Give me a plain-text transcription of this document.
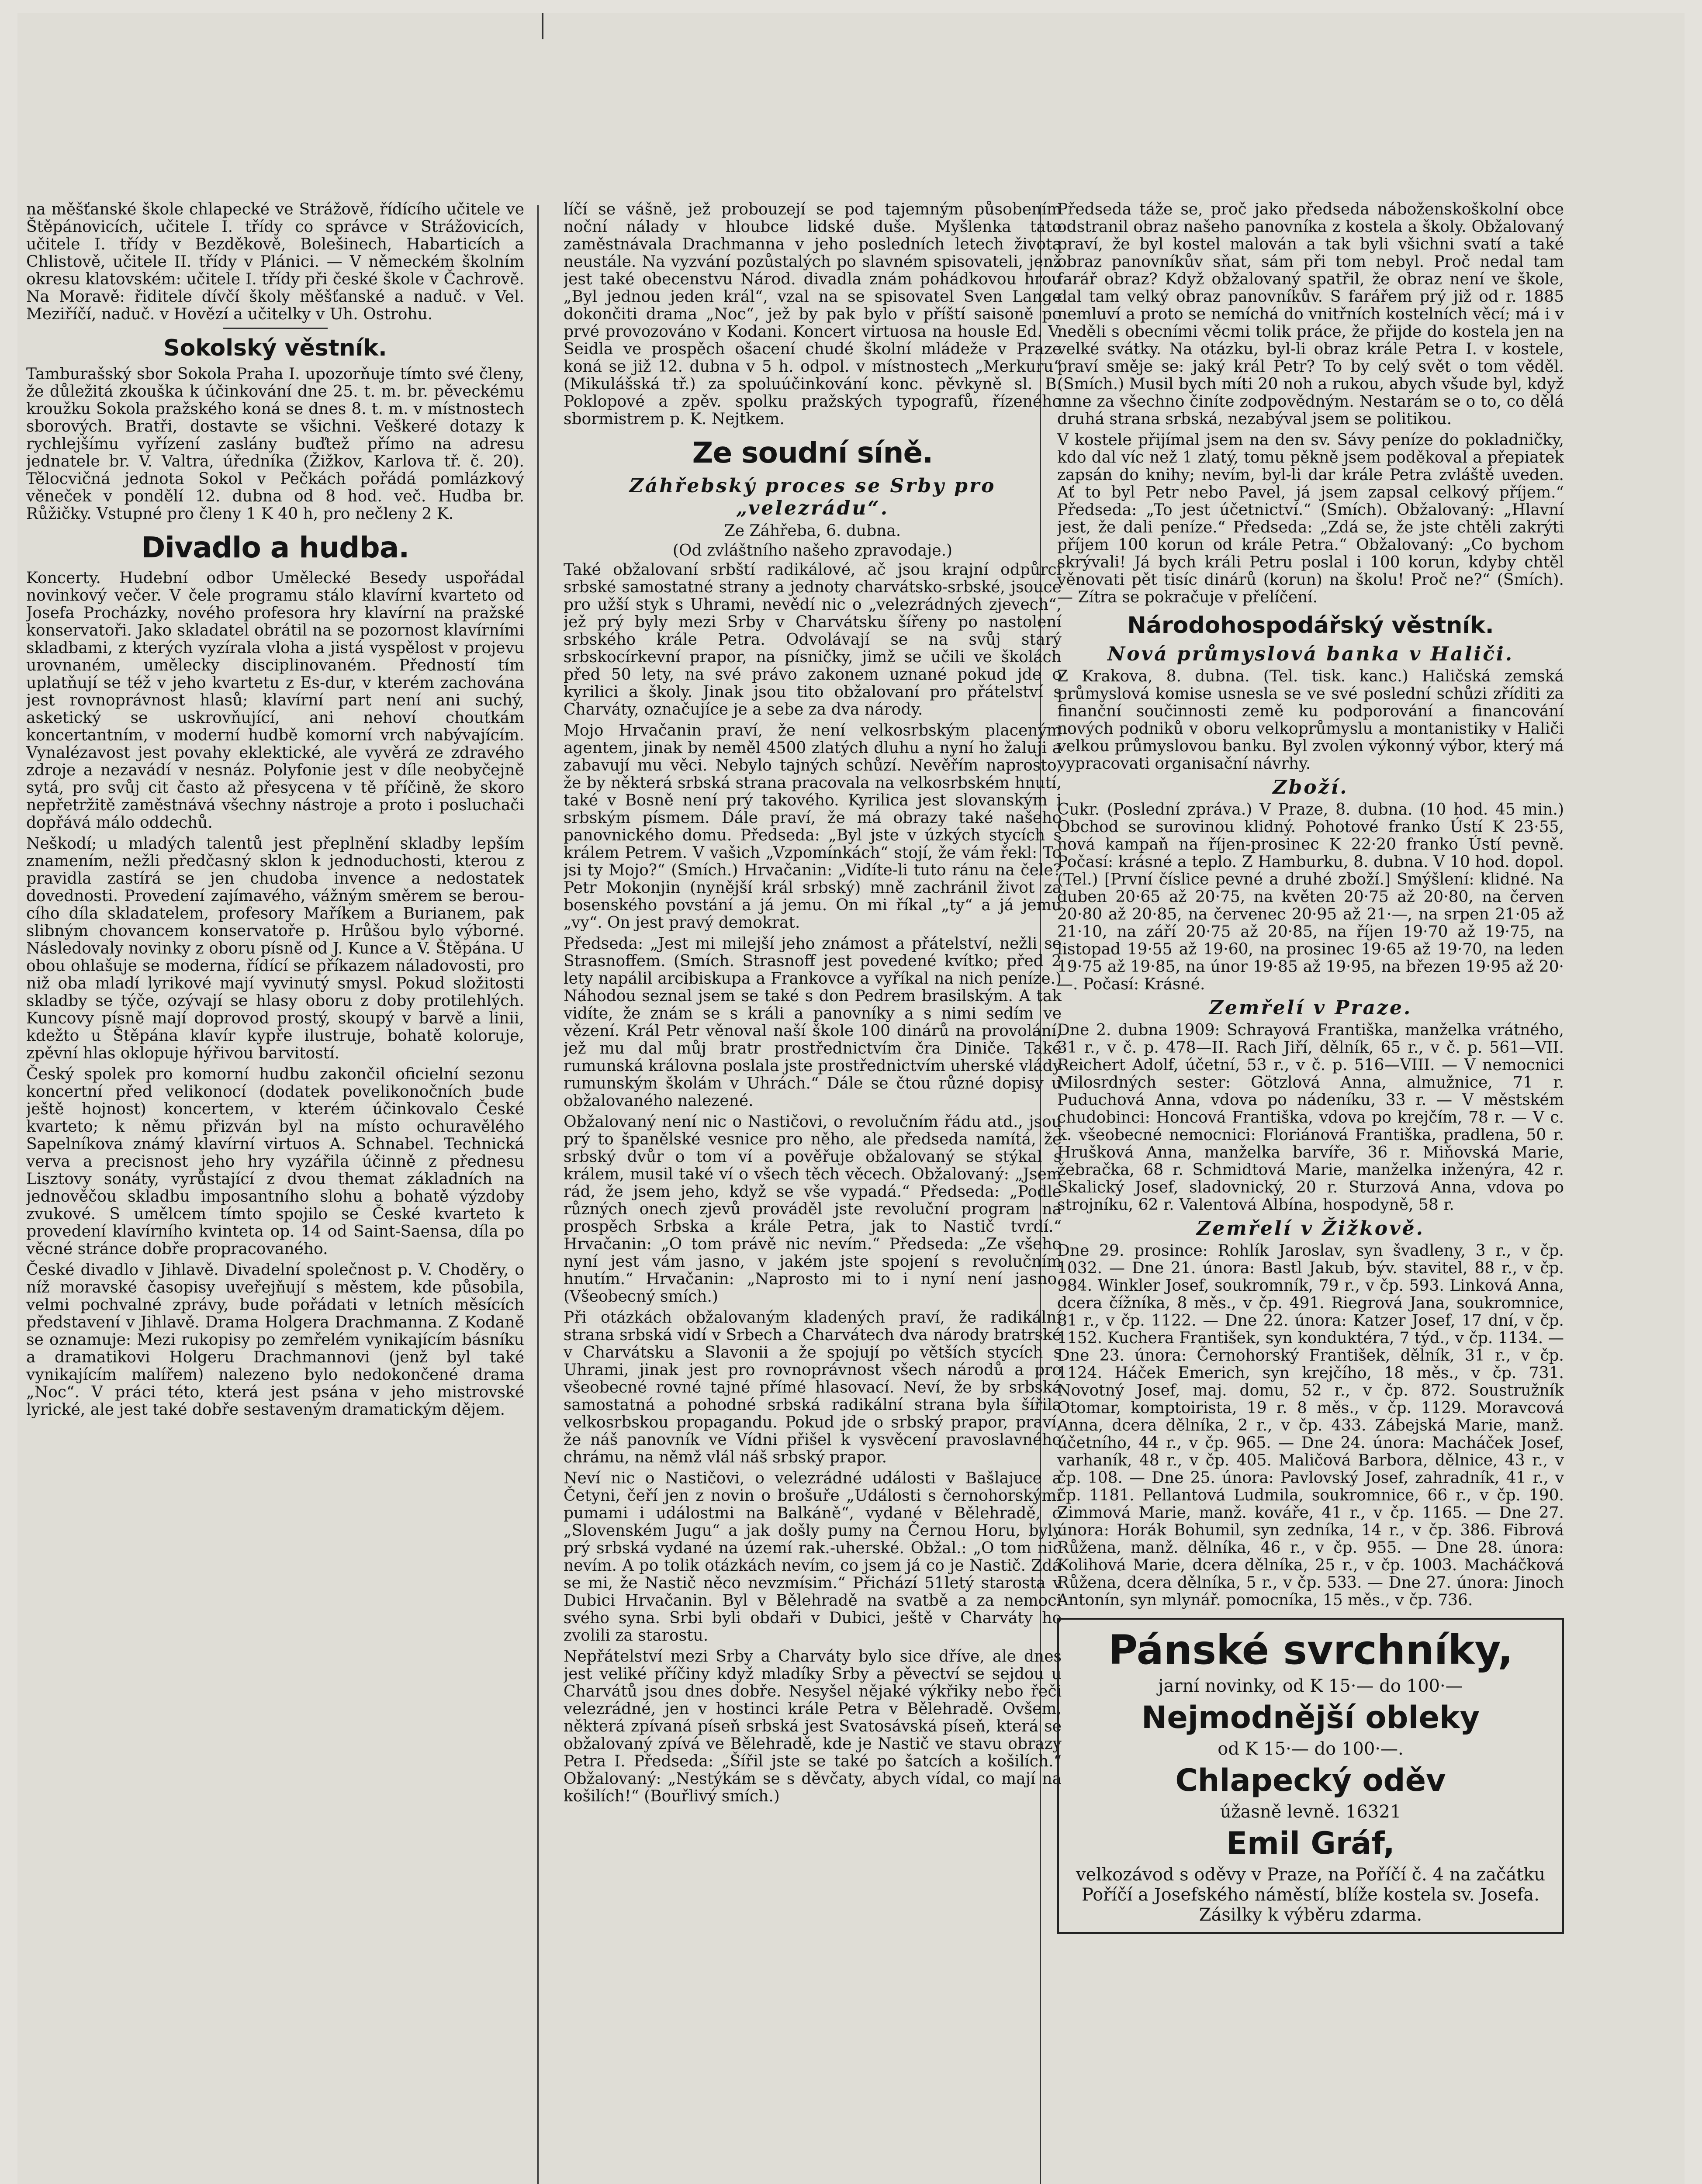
na měšťanské škole chlapecké ve Strážově, řídícího učitele ve Štěpánovicích, učitele I. třídy co správce v Strážovicích, učitele I. třídy v Bezděkově, Bolešinech, Habarticích a Chlistově, učitele II. třídy v Plánici. — V německém školním okresu klatovském: učitele I. třídy při české škole v Čachrově. Na Moravě: řiditele dívčí školy měšťanské a naduč. v Vel. Meziříčí, naduč. v Hovězí a učitelky v Uh. Ostrohu.

Sokolský věstník.

Tamburašský sbor Sokola Praha I. upozorňuje tímto své členy, že důležitá zkouška k účinkování dne 25. t. m. br. pěveckému kroužku Sokola pražského koná se dnes 8. t. m. v místnostech sborových. Bratři, dostavte se všichni. Veškeré dotazy k rychlejšímu vyřízení zaslány buďtež přímo na adresu jednatele br. V. Valtra, úředníka (Žižkov, Karlova tř. č. 20). Tělocvičná jednota Sokol v Pečkách pořádá pomlázkový věneček v pondělí 12. dubna od 8 hod. več. Hudba br. Růžičky. Vstupné pro členy 1 K 40 h, pro nečleny 2 K.

Divadlo a hudba.

Koncerty. Hudební odbor Umělecké Besedy uspořádal novinkový večer. V čele programu stálo klavírní kvarteto od Josefa Procházky, nového profesora hry klavírní na pražské konservatoři. Jako skladatel obrátil na se pozornost klavírními skladbami, z kterých vyzírala vloha a jistá vyspělost v projevu urovnaném, umělecky disciplinovaném. Předností tím uplatňují se též v jeho kvartetu z Es-dur, v kterém zachována jest rovnoprávnost hlasů; klavírní part není ani suchý, asketický se uskrovňující, ani nehoví choutkám koncertantním, v moderní hudbě komorní vrch nabývajícím. Vynalézavost jest povahy eklektické, ale vyvěrá ze zdravého zdroje a nezavádí v nesnáz. Polyfonie jest v díle neobyčejně sytá, pro svůj cit často až přesycena v tě příčině, že skoro nepřetržitě zaměstnává všechny nástroje a proto i posluchači dopřává málo oddechů.

Neškodí; u mladých talentů jest přeplnění skladby lepším znamením, nežli předčasný sklon k jednoduchosti, kterou z pravidla zastírá se jen chudoba invence a nedostatek dovednosti. Provedení zajímavého, vážným směrem se beroucího díla skladatelem, profesory Maříkem a Burianem, pak slibným chovancem konservatoře p. Hrůšou bylo výborné. Následovaly novinky z oboru písně od J. Kunce a V. Štěpána. U obou ohlašuje se moderna, řídící se příkazem náladovosti, pro niž oba mladí lyrikové mají vyvinutý smysl. Pokud složitosti skladby se týče, ozývají se hlasy oboru z doby protilehlých. Kuncovy písně mají doprovod prostý, skoupý v barvě a linii, kdežto u Štěpána klavír kypře ilustruje, bohatě koloruje, zpěvní hlas oklopuje hýřivou barvitostí.

Český spolek pro komorní hudbu zakončil oficielní sezonu koncertní před velikonocí (dodatek povelikonočních bude ještě hojnost) koncertem, v kterém účinkovalo České kvarteto; k němu přizván byl na místo ochuravělého Sapelníkova známý klavírní virtuos A. Schnabel. Technická verva a precisnost jeho hry vyzářila účinně z přednesu Lisztovy sonáty, vyrůstající z dvou themat základních na jednověčou skladbu imposantního slohu a bohatě výzdoby zvukové. S umělcem tímto spojilo se České kvarteto k provedení klavírního kvinteta op. 14 od Saint-Saensa, díla po věcné stránce dobře propracovaného.

České divadlo v Jihlavě. Divadelní společnost p. V. Choděry, o níž moravské časopisy uveřejňují s městem, kde působila, velmi pochvalné zprávy, bude pořádati v letních měsících představení v Jihlavě. Drama Holgera Drachmanna. Z Kodaně se oznamuje: Mezi rukopisy po zemřelém vynikajícím básníku a dramatikovi Holgeru Drachmannovi (jenž byl také vynikajícím malířem) nalezeno bylo nedokončené drama „Noc“. V práci této, která jest psána v jeho mistrovské lyrické, ale jest také dobře sestaveným dramatickým dějem.

líčí se vášně, jež probouzejí se pod tajemným působením noční nálady v hloubce lidské duše. Myšlenka tato zaměstnávala Drachmanna v jeho posledních letech života neustále. Na vyzvání pozůstalých po slavném spisovateli, jenž jest také obecenstvu Národ. divadla znám pohádkovou hrou „Byl jednou jeden král“, vzal na se spisovatel Sven Lange dokončiti drama „Noc“, jež by pak bylo v příští saisoně po prvé provozováno v Kodani. Koncert virtuosa na housle Ed. V. Seidla ve prospěch ošacení chudé školní mládeže v Praze koná se již 12. dubna v 5 h. odpol. v místnostech „Merkuru“ (Mikulášská tř.) za spoluúčinkování konc. pěvkyně sl. B. Poklopové a zpěv. spolku pražských typografů, řízeného sbormistrem p. K. Nejtkem.

Ze soudní síně.
Záhřebský proces se Srby pro „velezrádu“.
Ze Záhřeba, 6. dubna.
(Od zvláštního našeho zpravodaje.)

Také obžalovaní srbští radikálové, ač jsou krajní odpůrci srbské samostatné strany a jednoty charvátsko-srbské, jsouce pro užší styk s Uhrami, nevědí nic o „velezrádných zjevech“, jež prý byly mezi Srby v Charvátsku šířeny po nastolení srbského krále Petra. Odvolávají se na svůj starý srbskocírkevní prapor, na písničky, jimž se učili ve školách před 50 lety, na své právo zakonem uznané pokud jde o kyrilici a školy. Jinak jsou tito obžalovaní pro přátelství s Charváty, označujíce je a sebe za dva národy.

Mojo Hrvačanin praví, že není velkosrbským placeným agentem, jinak by neměl 4500 zlatých dluhu a nyní ho žaluji a zabavují mu věci. Nebylo tajných schůzí. Nevěřím naprosto, že by některá srbská strana pracovala na velkosrbském hnutí, také v Bosně není prý takového. Kyrilica jest slovanským i srbským písmem. Dále praví, že má obrazy také našeho panovnického domu. Předseda: „Byl jste v úzkých stycích s králem Petrem. V vašich „Vzpomínkách“ stojí, že vám řekl: To jsi ty Mojo?“ (Smích.) Hrvačanin: „Vidíte-li tuto ránu na čele? Petr Mokonjin (nynější král srbský) mně zachránil život za bosenského povstání a já jemu. On mi říkal „ty“ a já jemu „vy“. On jest pravý demokrat.

Předseda: „Jest mi milejší jeho známost a přátelství, nežli se Strasnoffem. (Smích. Strasnoff jest povedené kvítko; před 2 lety napálil arcibiskupa a Frankovce a vyříkal na nich peníze.) Náhodou seznal jsem se také s don Pedrem brasilským. A tak vidíte, že znám se s králi a panovníky a s nimi sedím ve vězení. Král Petr věnoval naší škole 100 dinárů na provolání, jež mu dal můj bratr prostřednictvím čra Diniče. Také rumunská královna poslala jste prostřednictvím uherské vlády rumunským školám v Uhrách.“ Dále se čtou různé dopisy u obžalovaného nalezené.

Obžalovaný není nic o Nastičovi, o revolučním řádu atd., jsou prý to španělské vesnice pro něho, ale předseda namítá, že srbský dvůr o tom ví a pověřuje obžalovaný se stýkal s králem, musil také ví o všech těch věcech. Obžalovaný: „Jsem rád, že jsem jeho, když se vše vypadá.“ Předseda: „Podle různých onech zjevů prováděl jste revoluční program na prospěch Srbska a krále Petra, jak to Nastič tvrdí.“ Hrvačanin: „O tom právě nic nevím.“ Předseda: „Ze všeho nyní jest vám jasno, v jakém jste spojení s revolučním hnutím.“ Hrvačanin: „Naprosto mi to i nyní není jasno. (Všeobecný smích.)

Při otázkách obžalovaným kladených praví, že radikální strana srbská vidí v Srbech a Charvátech dva národy bratrské v Charvátsku a Slavonii a že spojují po větších stycích s Uhrami, jinak jest pro rovnoprávnost všech národů a pro všeobecné rovné tajné přímé hlasovací. Neví, že by srbská samostatná a pohodné srbská radikální strana byla šířila velkosrbskou propagandu. Pokud jde o srbský prapor, praví, že náš panovník ve Vídni přišel k vysvěcení pravoslavného chrámu, na němž vlál náš srbský prapor.

Neví nic o Nastičovi, o velezrádné události v Bašlajuce a Četyni, čeří jen z novin o brošuře „Události s černohorskými pumami i událostmi na Balkáně“, vydané v Bělehradě, o „Slovenském Jugu“ a jak došly pumy na Černou Horu, byly prý srbská vydané na území rak.-uherské. Obžal.: „O tom nic nevím. A po tolik otázkách nevím, co jsem já co je Nastič. Zdá se mi, že Nastič něco nevzmísim.“ Přichází 51letý starosta v Dubici Hrvačanin. Byl v Bělehradě na svatbě a za nemoci svého syna. Srbi byli obdaři v Dubici, ještě v Charváty ho zvolili za starostu.

Nepřátelství mezi Srby a Charváty bylo sice dříve, ale dnes jest veliké příčiny když mladíky Srby a pěvectví se sejdou u Charvátů jsou dnes dobře. Nesyšel nějaké výkřiky nebo řeči velezrádné, jen v hostinci krále Petra v Bělehradě. Ovšem, některá zpívaná píseň srbská jest Svatosávská píseň, která se obžalovaný zpívá ve Bělehradě, kde je Nastič ve stavu obrazy Petra I. Předseda: „Šířil jste se také po šatcích a košilích.“ Obžalovaný: „Nestýkám se s děvčaty, abych vídal, co mají na košilích!“ (Bouřlivý smích.)

Předseda táže se, proč jako předseda náboženskoškolní obce odstranil obraz našeho panovníka z kostela a školy. Obžalovaný praví, že byl kostel malován a tak byli všichni svatí a také obraz panovníkův sňat, sám při tom nebyl. Proč nedal tam farář obraz? Když obžalovaný spatřil, že obraz není ve škole, dal tam velký obraz panovníkův. S farářem prý již od r. 1885 nemluví a proto se nemíchá do vnitřních kostelních věcí; má i v neděli s obecními věcmi tolik práce, že přijde do kostela jen na velké svátky. Na otázku, byl-li obraz krále Petra I. v kostele, praví směje se: jaký král Petr? To by celý svět o tom věděl. (Smích.) Musil bych míti 20 noh a rukou, abych všude byl, když mne za všechno činíte zodpovědným. Nestarám se o to, co dělá druhá strana srbská, nezabýval jsem se politikou.

V kostele přijímal jsem na den sv. Sávy peníze do pokladničky, kdo dal víc než 1 zlatý, tomu pěkně jsem poděkoval a přepiatek zapsán do knihy; nevím, byl-li dar krále Petra zvláště uveden. Ať to byl Petr nebo Pavel, já jsem zapsal celkový příjem.“ Předseda: „To jest účetnictví.“ (Smích). Obžalovaný: „Hlavní jest, že dali peníze.“ Předseda: „Zdá se, že jste chtěli zakrýti příjem 100 korun od krále Petra.“ Obžalovaný: „Co bychom skrývali! Já bych králi Petru poslal i 100 korun, kdyby chtěl věnovati pět tisíc dinárů (korun) na školu! Proč ne?“ (Smích). — Zítra se pokračuje v přelíčení.

Národohospodářský věstník.
Nová průmyslová banka v Haliči.

Z Krakova, 8. dubna. (Tel. tisk. kanc.) Haličská zemská průmyslová komise usnesla se ve své poslední schůzi zříditi za finanční součinnosti země ku podporování a financování nových podniků v oboru velkoprůmyslu a montanistiky v Haliči velkou průmyslovou banku. Byl zvolen výkonný výbor, který má vypracovati organisační návrhy.

Zboží.

Cukr. (Poslední zpráva.) V Praze, 8. dubna. (10 hod. 45 min.) Obchod se surovinou klidný. Pohotové franko Ústí K 23·55, nová kampaň na říjen-prosinec K 22·20 franko Ústí pevně. Počasí: krásné a teplo. Z Hamburku, 8. dubna. V 10 hod. dopol. (Tel.) [První číslice pevné a druhé zboží.] Smýšlení: klidné. Na duben 20·65 až 20·75, na květen 20·75 až 20·80, na červen 20·80 až 20·85, na červenec 20·95 až 21·—, na srpen 21·05 až 21·10, na září 20·75 až 20·85, na říjen 19·70 až 19·75, na listopad 19·55 až 19·60, na prosinec 19·65 až 19·70, na leden 19·75 až 19·85, na únor 19·85 až 19·95, na březen 19·95 až 20·—. Počasí: Krásné.

Zemřelí v Praze.

Dne 2. dubna 1909: Schrayová Františka, manželka vrátného, 31 r., v č. p. 478—II. Rach Jiří, dělník, 65 r., v č. p. 561—VII. Reichert Adolf, účetní, 53 r., v č. p. 516—VIII. — V nemocnici Milosrdných sester: Götzlová Anna, almužnice, 71 r. Puduchová Anna, vdova po nádeníku, 33 r. — V městském chudobinci: Honcová Františka, vdova po krejčím, 78 r. — V c. k. všeobecné nemocnici: Floriánová Františka, pradlena, 50 r. Hrušková Anna, manželka barvíře, 36 r. Miňovská Marie, žebračka, 68 r. Schmidtová Marie, manželka inženýra, 42 r. Skalický Josef, sladovnický, 20 r. Sturzová Anna, vdova po strojníku, 62 r. Valentová Albína, hospodyně, 58 r.

Zemřelí v Žižkově.

Dne 29. prosince: Rohlík Jaroslav, syn švadleny, 3 r., v čp. 1032. — Dne 21. února: Bastl Jakub, býv. stavitel, 88 r., v čp. 984. Winkler Josef, soukromník, 79 r., v čp. 593. Linková Anna, dcera čížníka, 8 měs., v čp. 491. Riegrová Jana, soukromnice, 81 r., v čp. 1122. — Dne 22. února: Katzer Josef, 17 dní, v čp. 1152. Kuchera František, syn konduktéra, 7 týd., v čp. 1134. — Dne 23. února: Černohorský František, dělník, 31 r., v čp. 1124. Háček Emerich, syn krejčího, 18 měs., v čp. 731. Novotný Josef, maj. domu, 52 r., v čp. 872. Soustružník Otomar, komptoirista, 19 r. 8 měs., v čp. 1129. Moravcová Anna, dcera dělníka, 2 r., v čp. 433. Zábejská Marie, manž. účetního, 44 r., v čp. 965. — Dne 24. února: Macháček Josef, varhaník, 48 r., v čp. 405. Maličová Barbora, dělnice, 43 r., v čp. 108. — Dne 25. února: Pavlovský Josef, zahradník, 41 r., v čp. 1181. Pellantová Ludmila, soukromnice, 66 r., v čp. 190. Zimmová Marie, manž. kováře, 41 r., v čp. 1165. — Dne 27. února: Horák Bohumil, syn zedníka, 14 r., v čp. 386. Fibrová Růžena, manž. dělníka, 46 r., v čp. 955. — Dne 28. února: Kolihová Marie, dcera dělníka, 25 r., v čp. 1003. Macháčková Růžena, dcera dělníka, 5 r., v čp. 533. — Dne 27. února: Jinoch Antonín, syn mlynář. pomocníka, 15 měs., v čp. 736.

Pánské svrchníky,
jarní novinky, od K 15·— do 100·—
Nejmodnější obleky
od K 15·— do 100·—.
Chlapecký oděv
úžasně levně. 16321
Emil Gráf,
velkozávod s oděvy v Praze, na Poříčí č. 4 na začátku Poříčí a Josefského náměstí, blíže kostela sv. Josefa. Zásilky k výběru zdarma.
